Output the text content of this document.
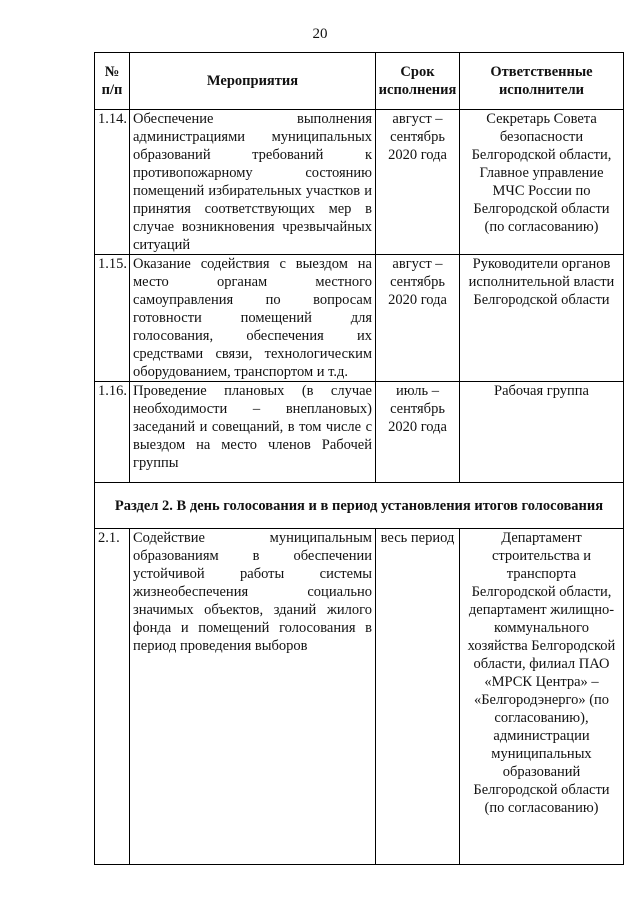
20
№ п/п	Мероприятия	Срок исполнения	Ответственные исполнители
1.14.	Обеспечение выполнения администрациями муниципальных образований требований к противопожарному состоянию помещений избирательных участков и принятия соответствующих мер в случае возникновения чрезвычайных ситуаций	август – сентябрь 2020 года	Секретарь Совета безопасности Белгородской области, Главное управление МЧС России по Белгородской области (по согласованию)
1.15.	Оказание содействия с выездом на место органам местного самоуправления по вопросам готовности помещений для голосования, обеспечения их средствами связи, технологическим оборудованием, транспортом и т.д.	август – сентябрь 2020 года	Руководители органов исполнительной власти Белгородской области
1.16.	Проведение плановых (в случае необходимости – внеплановых) заседаний и совещаний, в том числе с выездом на место членов Рабочей группы	июль – сентябрь 2020 года	Рабочая группа
Раздел 2. В день голосования и в период установления итогов голосования			
2.1.	Содействие муниципальным образованиям в обеспечении устойчивой работы системы жизнеобеспечения социально значимых объектов, зданий жилого фонда и помещений голосования в период проведения выборов	весь период	Департамент строительства и транспорта Белгородской области, департамент жилищно-коммунального хозяйства Белгородской области, филиал ПАО «МРСК Центра» – «Белгородэнерго» (по согласованию), администрации муниципальных образований Белгородской области (по согласованию)
